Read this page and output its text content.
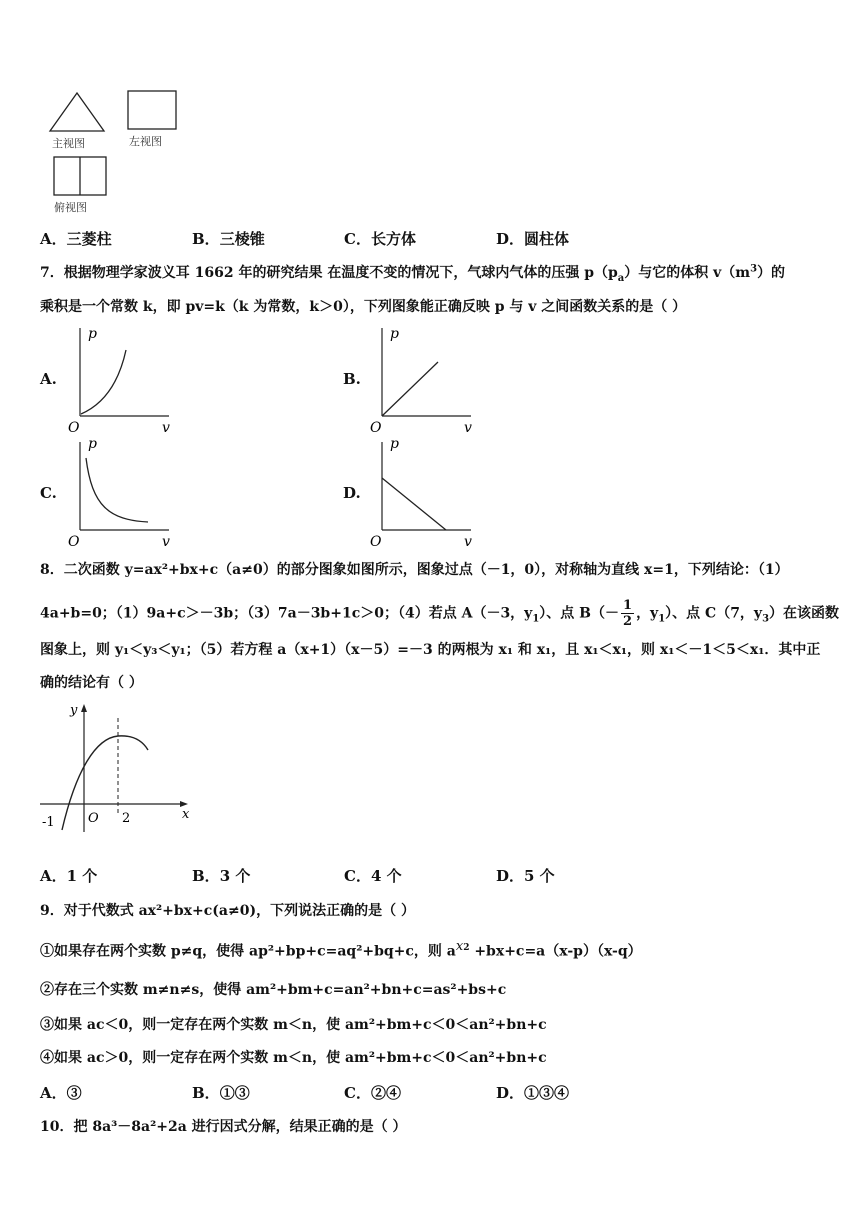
主视图	左视图
俯视图
A．三菱柱	B．三棱锥	C．长方体	D．圆柱体
7．根据物理学家波义耳 1662 年的研究结果 在温度不变的情况下，气球内气体的压强 $p(p_a)$与它的体积 $v(m^3)$的
乘积是一个常数 k，即 pv=k（k 为常数，k＞0），下列图象能正确反映 p 与 v 之间函数关系的是（ ）
A.
p
O	v
B.
p
O	v
C.
p
O	v
D.
p
O	v
8．二次函数 y=ax²+bx+c（a≠0）的部分图象如图所示，图象过点（－1，0），对称轴为直线 x=1，下列结论：（1）
4a+b=0；（1）9a+c＞－3b；（3）7a－3b+1c＞0；（4）若点 A（－3，$y_1$）、点 $B(- \frac{1}{2}$ ，$y_1$）、点 C（7，$y_3$）在该函数
图象上，则 y₁＜y₃＜y₁；（5）若方程 a（x+1）（x－5）=－3 的两根为 x₁ 和 x₁，且 x₁＜x₁，则 x₁＜－1＜5＜x₁．其中正
确的结论有（ ）
y
x
O
-1	2
A．1 个	B．3 个	C．4 个	D．5 个
9．对于代数式 ax²+bx+c(a≠0)，下列说法正确的是（ ）
①如果存在两个实数 p≠q，使得 ap²+bp+c=aq²+bq+c，则 $a^{x2} +bx+c=a(x-p)(x-q)$
②存在三个实数 m≠n≠s，使得 am²+bm+c=an²+bn+c=as²+bs+c
③如果 ac＜0，则一定存在两个实数 m＜n，使 am²+bm+c＜0＜an²+bn+c
④如果 ac＞0，则一定存在两个实数 m＜n，使 am²+bm+c＜0＜an²+bn+c
A．③	B．①③	C．②④	D．①③④
10．把 8a³－8a²+2a 进行因式分解，结果正确的是（ ）
